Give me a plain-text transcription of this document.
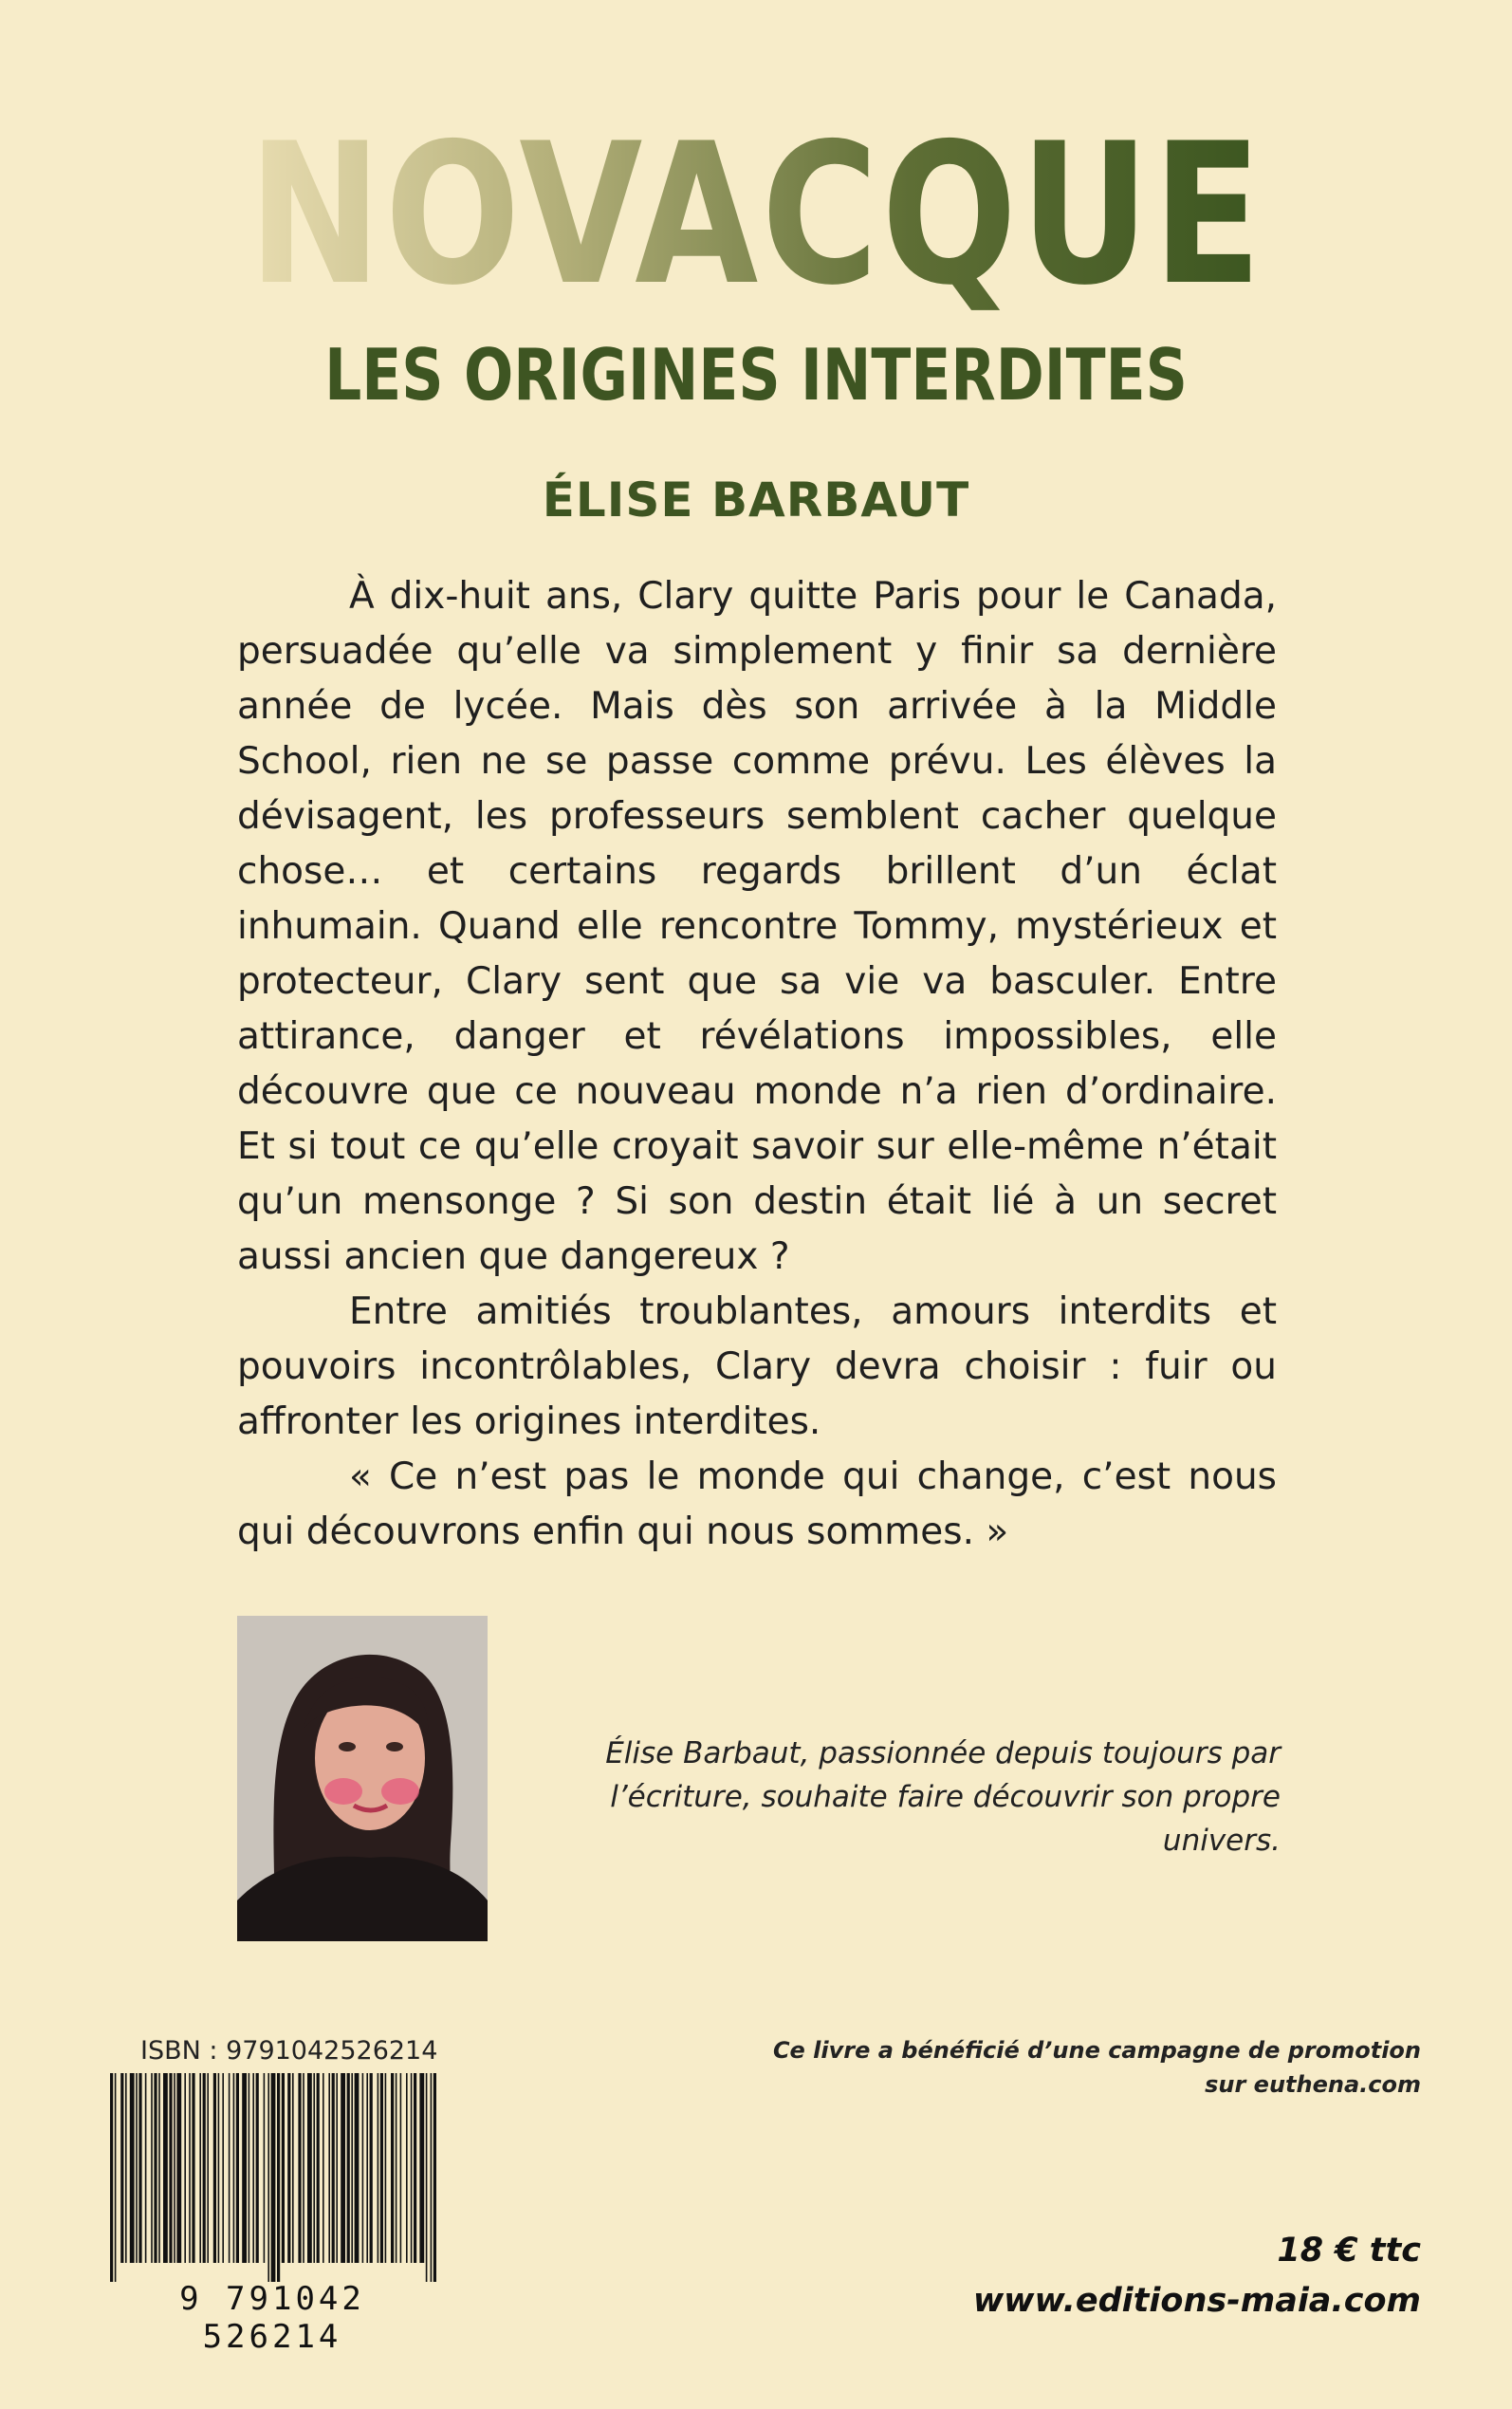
NOVACQUE
LES ORIGINES INTERDITES
ÉLISE BARBAUT

À dix-huit ans, Clary quitte Paris pour le Canada, persuadée qu’elle va simplement y finir sa dernière année de lycée. Mais dès son arrivée à la Middle School, rien ne se passe comme prévu. Les élèves la dévisagent, les professeurs semblent cacher quelque chose… et certains regards brillent d’un éclat inhumain. Quand elle rencontre Tommy, mystérieux et protecteur, Clary sent que sa vie va basculer. Entre attirance, danger et révélations impossibles, elle découvre que ce nouveau monde n’a rien d’ordinaire. Et si tout ce qu’elle croyait savoir sur elle-même n’était qu’un mensonge ? Si son destin était lié à un secret aussi ancien que dangereux ?

Entre amitiés troublantes, amours interdits et pouvoirs incontrôlables, Clary devra choisir : fuir ou affronter les origines interdites.

« Ce n’est pas le monde qui change, c’est nous qui découvrons enfin qui nous sommes. »

Élise Barbaut, passionnée depuis toujours par
l’écriture, souhaite faire découvrir son propre univers.
ISBN : 9791042526214
9 791042 526214
Ce livre a bénéficié d’une campagne de promotion
sur euthena.com
18 € ttc
www.editions-maia.com
